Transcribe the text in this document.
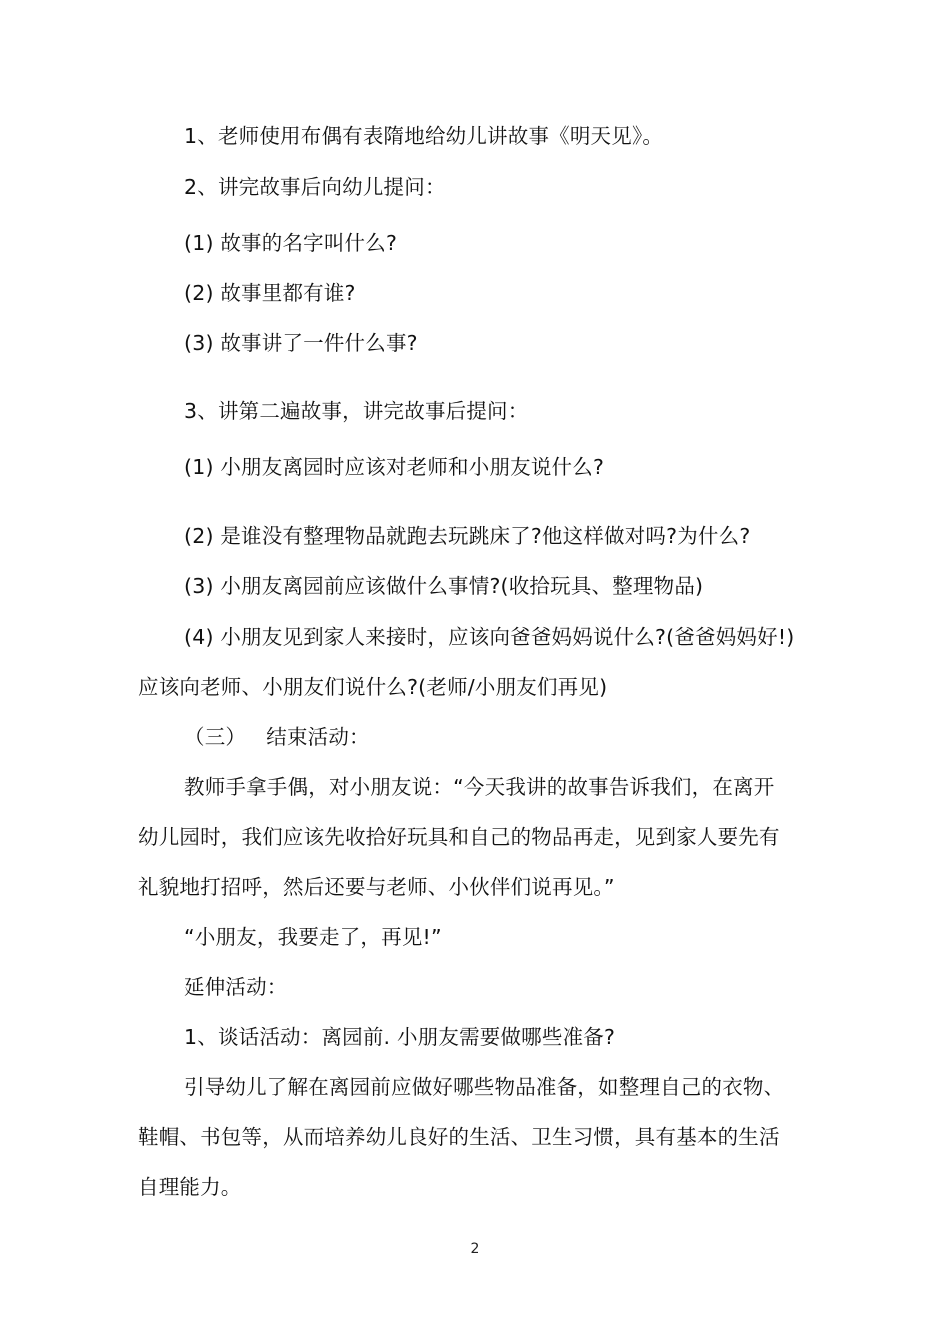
1、老师使用布偶有表隋地给幼儿讲故事《明天见》。
2、讲完故事后向幼儿提问：
(1) 故事的名字叫什么?
(2) 故事里都有谁?
(3) 故事讲了一件什么事?
3、讲第二遍故事，讲完故事后提问：
(1) 小朋友离园时应该对老师和小朋友说什么?
(2) 是谁没有整理物品就跑去玩跳床了?他这样做对吗?为什么?
(3) 小朋友离园前应该做什么事情?(收拾玩具、整理物品)
(4) 小朋友见到家人来接时，应该向爸爸妈妈说什么?(爸爸妈妈好!)
应该向老师、小朋友们说什么?(老师/小朋友们再见)
（三）   结束活动：
教师手拿手偶，对小朋友说：“今天我讲的故事告诉我们，在离开
幼儿园时，我们应该先收拾好玩具和自己的物品再走，见到家人要先有
礼貌地打招呼，然后还要与老师、小伙伴们说再见。”
“小朋友，我要走了，再见!”
延伸活动：
1、谈话活动：离园前. 小朋友需要做哪些准备?
引导幼儿了解在离园前应做好哪些物品准备，如整理自己的衣物、
鞋帽、书包等，从而培养幼儿良好的生活、卫生习惯，具有基本的生活
自理能力。
2
